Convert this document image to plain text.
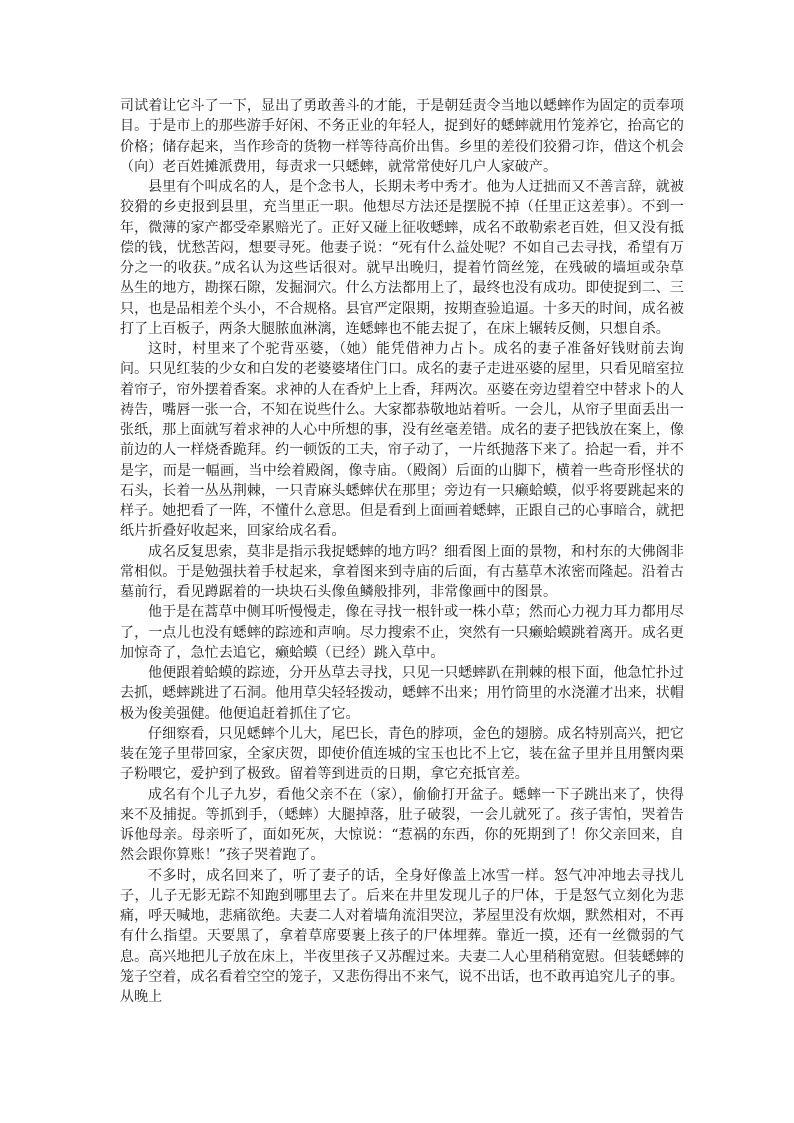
司试着让它斗了一下，显出了勇敢善斗的才能，于是朝廷责令当地以蟋蟀作为固定的贡奉项目。于是市上的那些游手好闲、不务正业的年轻人，捉到好的蟋蟀就用竹笼养它，抬高它的价格；储存起来，当作珍奇的货物一样等待高价出售。乡里的差役们狡猾刁诈，借这个机会（向）老百姓摊派费用，每责求一只蟋蟀，就常常使好几户人家破产。

县里有个叫成名的人，是个念书人，长期未考中秀才。他为人迂拙而又不善言辞，就被狡猾的乡吏报到县里，充当里正一职。他想尽方法还是摆脱不掉（任里正这差事）。不到一年，微薄的家产都受牵累赔光了。正好又碰上征收蟋蟀，成名不敢勒索老百姓，但又没有抵偿的钱，忧愁苦闷，想要寻死。他妻子说：“死有什么益处呢？不如自己去寻找，希望有万分之一的收获。”成名认为这些话很对。就早出晚归，提着竹筒丝笼，在残破的墙垣或杂草丛生的地方，勘探石隙，发掘洞穴。什么方法都用上了，最终也没有成功。即使捉到二、三只，也是品相差个头小，不合规格。县官严定限期，按期查验追逼。十多天的时间，成名被打了上百板子，两条大腿脓血淋漓，连蟋蟀也不能去捉了，在床上辗转反侧，只想自杀。

这时，村里来了个驼背巫婆，（她）能凭借神力占卜。成名的妻子准备好钱财前去询问。只见红装的少女和白发的老婆婆堵住门口。成名的妻子走进巫婆的屋里，只看见暗室拉着帘子，帘外摆着香案。求神的人在香炉上上香，拜两次。巫婆在旁边望着空中替求卜的人祷告，嘴唇一张一合，不知在说些什么。大家都恭敬地站着听。一会儿，从帘子里面丢出一张纸，那上面就写着求神的人心中所想的事，没有丝毫差错。成名的妻子把钱放在案上，像前边的人一样烧香跪拜。约一顿饭的工夫，帘子动了，一片纸抛落下来了。拾起一看，并不是字，而是一幅画，当中绘着殿阁，像寺庙。（殿阁）后面的山脚下，横着一些奇形怪状的石头，长着一丛丛荆棘，一只青麻头蟋蟀伏在那里；旁边有一只癞蛤蟆，似乎将要跳起来的样子。她把看了一阵，不懂什么意思。但是看到上面画着蟋蟀，正跟自己的心事暗合，就把纸片折叠好收起来，回家给成名看。

成名反复思索，莫非是指示我捉蟋蟀的地方吗？细看图上面的景物，和村东的大佛阁非常相似。于是勉强扶着手杖起来，拿着图来到寺庙的后面，有古墓草木浓密而隆起。沿着古墓前行，看见蹲踞着的一块块石头像鱼鳞般排列，非常像画中的图景。

他于是在蒿草中侧耳听慢慢走，像在寻找一根针或一株小草；然而心力视力耳力都用尽了，一点儿也没有蟋蟀的踪迹和声响。尽力搜索不止，突然有一只癞蛤蟆跳着离开。成名更加惊奇了，急忙去追它，癞蛤蟆（已经）跳入草中。

他便跟着蛤蟆的踪迹，分开丛草去寻找，只见一只蟋蟀趴在荆棘的根下面，他急忙扑过去抓，蟋蟀跳进了石洞。他用草尖轻轻拨动，蟋蟀不出来；用竹筒里的水浇灌才出来，状帽极为俊美强健。他便追赶着抓住了它。

仔细察看，只见蟋蟀个儿大，尾巴长，青色的脖项，金色的翅膀。成名特别高兴，把它装在笼子里带回家，全家庆贺，即使价值连城的宝玉也比不上它，装在盆子里并且用蟹肉栗子粉喂它，爱护到了极致。留着等到进贡的日期，拿它充抵官差。

成名有个儿子九岁，看他父亲不在（家），偷偷打开盆子。蟋蟀一下子跳出来了，快得来不及捕捉。等抓到手，（蟋蟀）大腿掉落，肚子破裂，一会儿就死了。孩子害怕，哭着告诉他母亲。母亲听了，面如死灰，大惊说：“惹祸的东西，你的死期到了！你父亲回来，自然会跟你算账！”孩子哭着跑了。

不多时，成名回来了，听了妻子的话，全身好像盖上冰雪一样。怒气冲冲地去寻找儿子，儿子无影无踪不知跑到哪里去了。后来在井里发现儿子的尸体，于是怒气立刻化为悲痛，呼天喊地，悲痛欲绝。夫妻二人对着墙角流泪哭泣，茅屋里没有炊烟，默然相对，不再有什么指望。天要黑了，拿着草席要裹上孩子的尸体埋葬。靠近一摸，还有一丝微弱的气息。高兴地把儿子放在床上，半夜里孩子又苏醒过来。夫妻二人心里稍稍宽慰。但装蟋蟀的笼子空着，成名看着空空的笼子，又悲伤得出不来气，说不出话，也不敢再追究儿子的事。从晚上
